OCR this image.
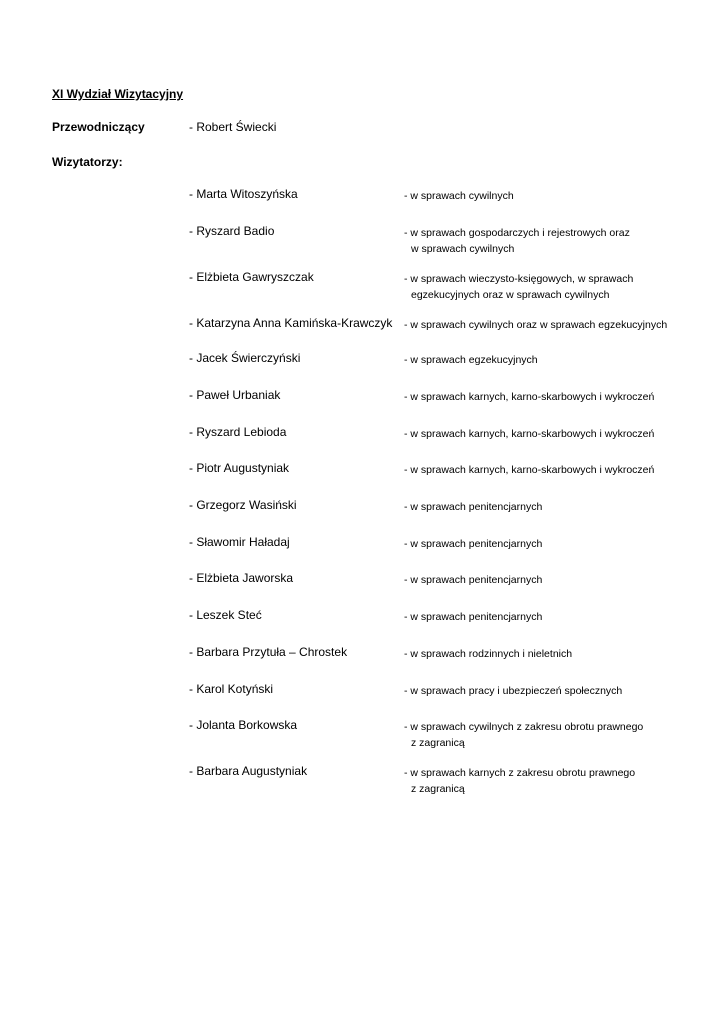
XI Wydział Wizytacyjny
Przewodniczący	- Robert Świecki
Wizytatorzy:
- Marta Witoszyńska	- w sprawach cywilnych
- Ryszard Badio	- w sprawach gospodarczych i rejestrowych oraz
w sprawach cywilnych
- Elżbieta Gawryszczak	- w sprawach wieczysto-księgowych, w sprawach
egzekucyjnych oraz w sprawach cywilnych
- Katarzyna Anna Kamińska-Krawczyk - w sprawach cywilnych oraz w sprawach egzekucyjnych
- Jacek Świerczyński	- w sprawach egzekucyjnych
- Paweł Urbaniak	- w sprawach karnych, karno-skarbowych i wykroczeń
- Ryszard Lebioda	- w sprawach karnych, karno-skarbowych i wykroczeń
- Piotr Augustyniak	- w sprawach karnych, karno-skarbowych i wykroczeń
- Grzegorz Wasiński	- w sprawach penitencjarnych
- Sławomir Haładaj	- w sprawach penitencjarnych
- Elżbieta Jaworska	- w sprawach penitencjarnych
- Leszek Steć	- w sprawach penitencjarnych
- Barbara Przytuła – Chrostek	- w sprawach rodzinnych i nieletnich
- Karol Kotyński	- w sprawach pracy i ubezpieczeń społecznych
- Jolanta Borkowska	- w sprawach cywilnych z zakresu obrotu prawnego
z zagranicą
- Barbara Augustyniak	- w sprawach karnych z zakresu obrotu prawnego
z zagranicą
